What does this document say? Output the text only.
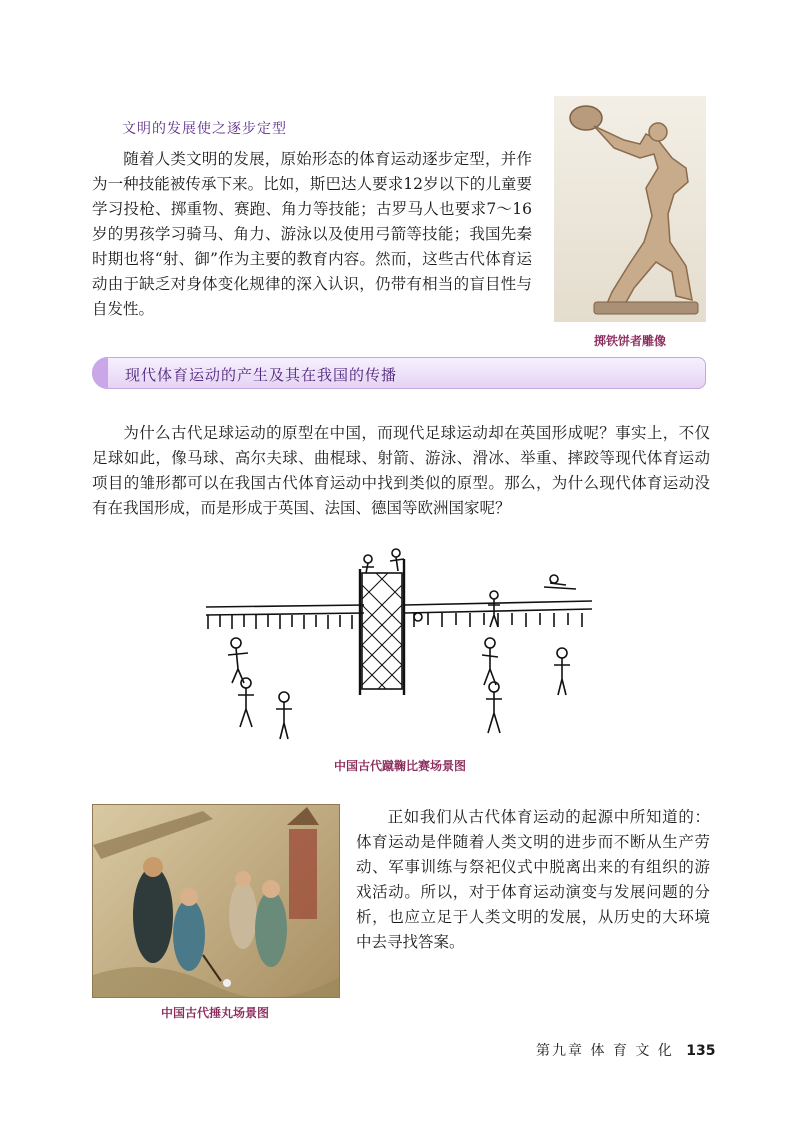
文明的发展使之逐步定型

随着人类文明的发展，原始形态的体育运动逐步定型，并作为一种技能被传承下来。比如，斯巴达人要求12岁以下的儿童要学习投枪、掷重物、赛跑、角力等技能；古罗马人也要求7～16岁的男孩学习骑马、角力、游泳以及使用弓箭等技能；我国先秦时期也将“射、御”作为主要的教育内容。然而，这些古代体育运动由于缺乏对身体变化规律的深入认识，仍带有相当的盲目性与自发性。

掷铁饼者雕像
现代体育运动的产生及其在我国的传播

为什么古代足球运动的原型在中国，而现代足球运动却在英国形成呢？事实上，不仅足球如此，像马球、高尔夫球、曲棍球、射箭、游泳、滑冰、举重、摔跤等现代体育运动项目的雏形都可以在我国古代体育运动中找到类似的原型。那么，为什么现代体育运动没有在我国形成，而是形成于英国、法国、德国等欧洲国家呢？

中国古代蹴鞠比赛场景图
中国古代捶丸场景图

正如我们从古代体育运动的起源中所知道的：体育运动是伴随着人类文明的进步而不断从生产劳动、军事训练与祭祀仪式中脱离出来的有组织的游戏活动。所以，对于体育运动演变与发展问题的分析，也应立足于人类文明的发展，从历史的大环境中去寻找答案。

第九章 体 育 文 化 135
